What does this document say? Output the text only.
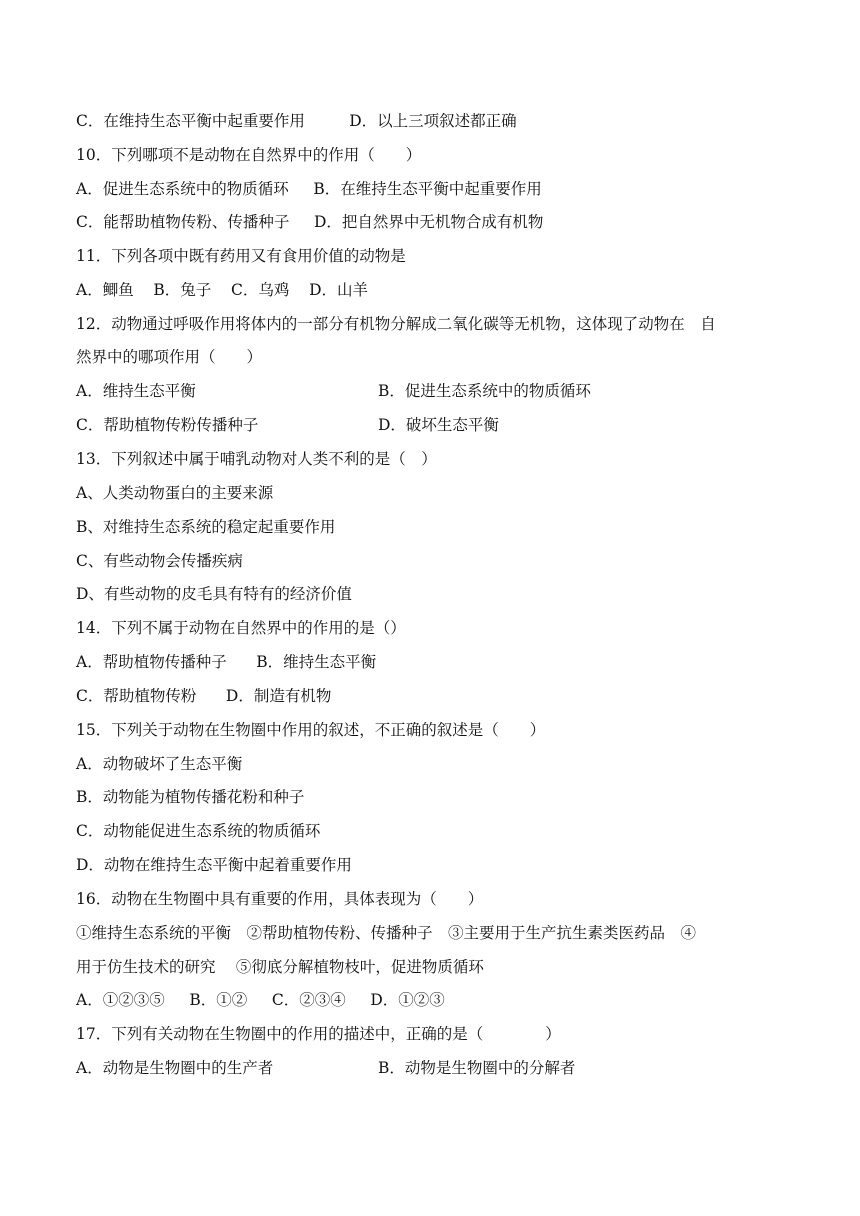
C．在维持生态平衡中起重要作用         D．以上三项叙述都正确
10．下列哪项不是动物在自然界中的作用（　　）
A．促进生态系统中的物质循环     B．在维持生态平衡中起重要作用
C．能帮助植物传粉、传播种子     D．把自然界中无机物合成有机物
11．下列各项中既有药用又有食用价值的动物是
A．鲫鱼    B．兔子    C．乌鸡    D．山羊
12．动物通过呼吸作用将体内的一部分有机物分解成二氧化碳等无机物，这体现了动物在　自
然界中的哪项作用（　　）
A．维持生态平衡	B．促进生态系统中的物质循环
C．帮助植物传粉传播种子	D．破坏生态平衡
13．下列叙述中属于哺乳动物对人类不利的是（　）
A、人类动物蛋白的主要来源
B、对维持生态系统的稳定起重要作用
C、有些动物会传播疾病
D、有些动物的皮毛具有特有的经济价值
14．下列不属于动物在自然界中的作用的是（）
A．帮助植物传播种子      B．维持生态平衡
C．帮助植物传粉      D．制造有机物
15．下列关于动物在生物圈中作用的叙述，不正确的叙述是（　　）
A．动物破坏了生态平衡
B．动物能为植物传播花粉和种子
C．动物能促进生态系统的物质循环
D．动物在维持生态平衡中起着重要作用
16．动物在生物圈中具有重要的作用，具体表现为（　　）
①维持生态系统的平衡　②帮助植物传粉、传播种子　③主要用于生产抗生素类医药品　④
用于仿生技术的研究　 ⑤彻底分解植物枝叶，促进物质循环
A．①②③⑤     B．①②     C．②③④     D．①②③
17．下列有关动物在生物圈中的作用的描述中，正确的是（　　　　）
A．动物是生物圈中的生产者	B．动物是生物圈中的分解者
